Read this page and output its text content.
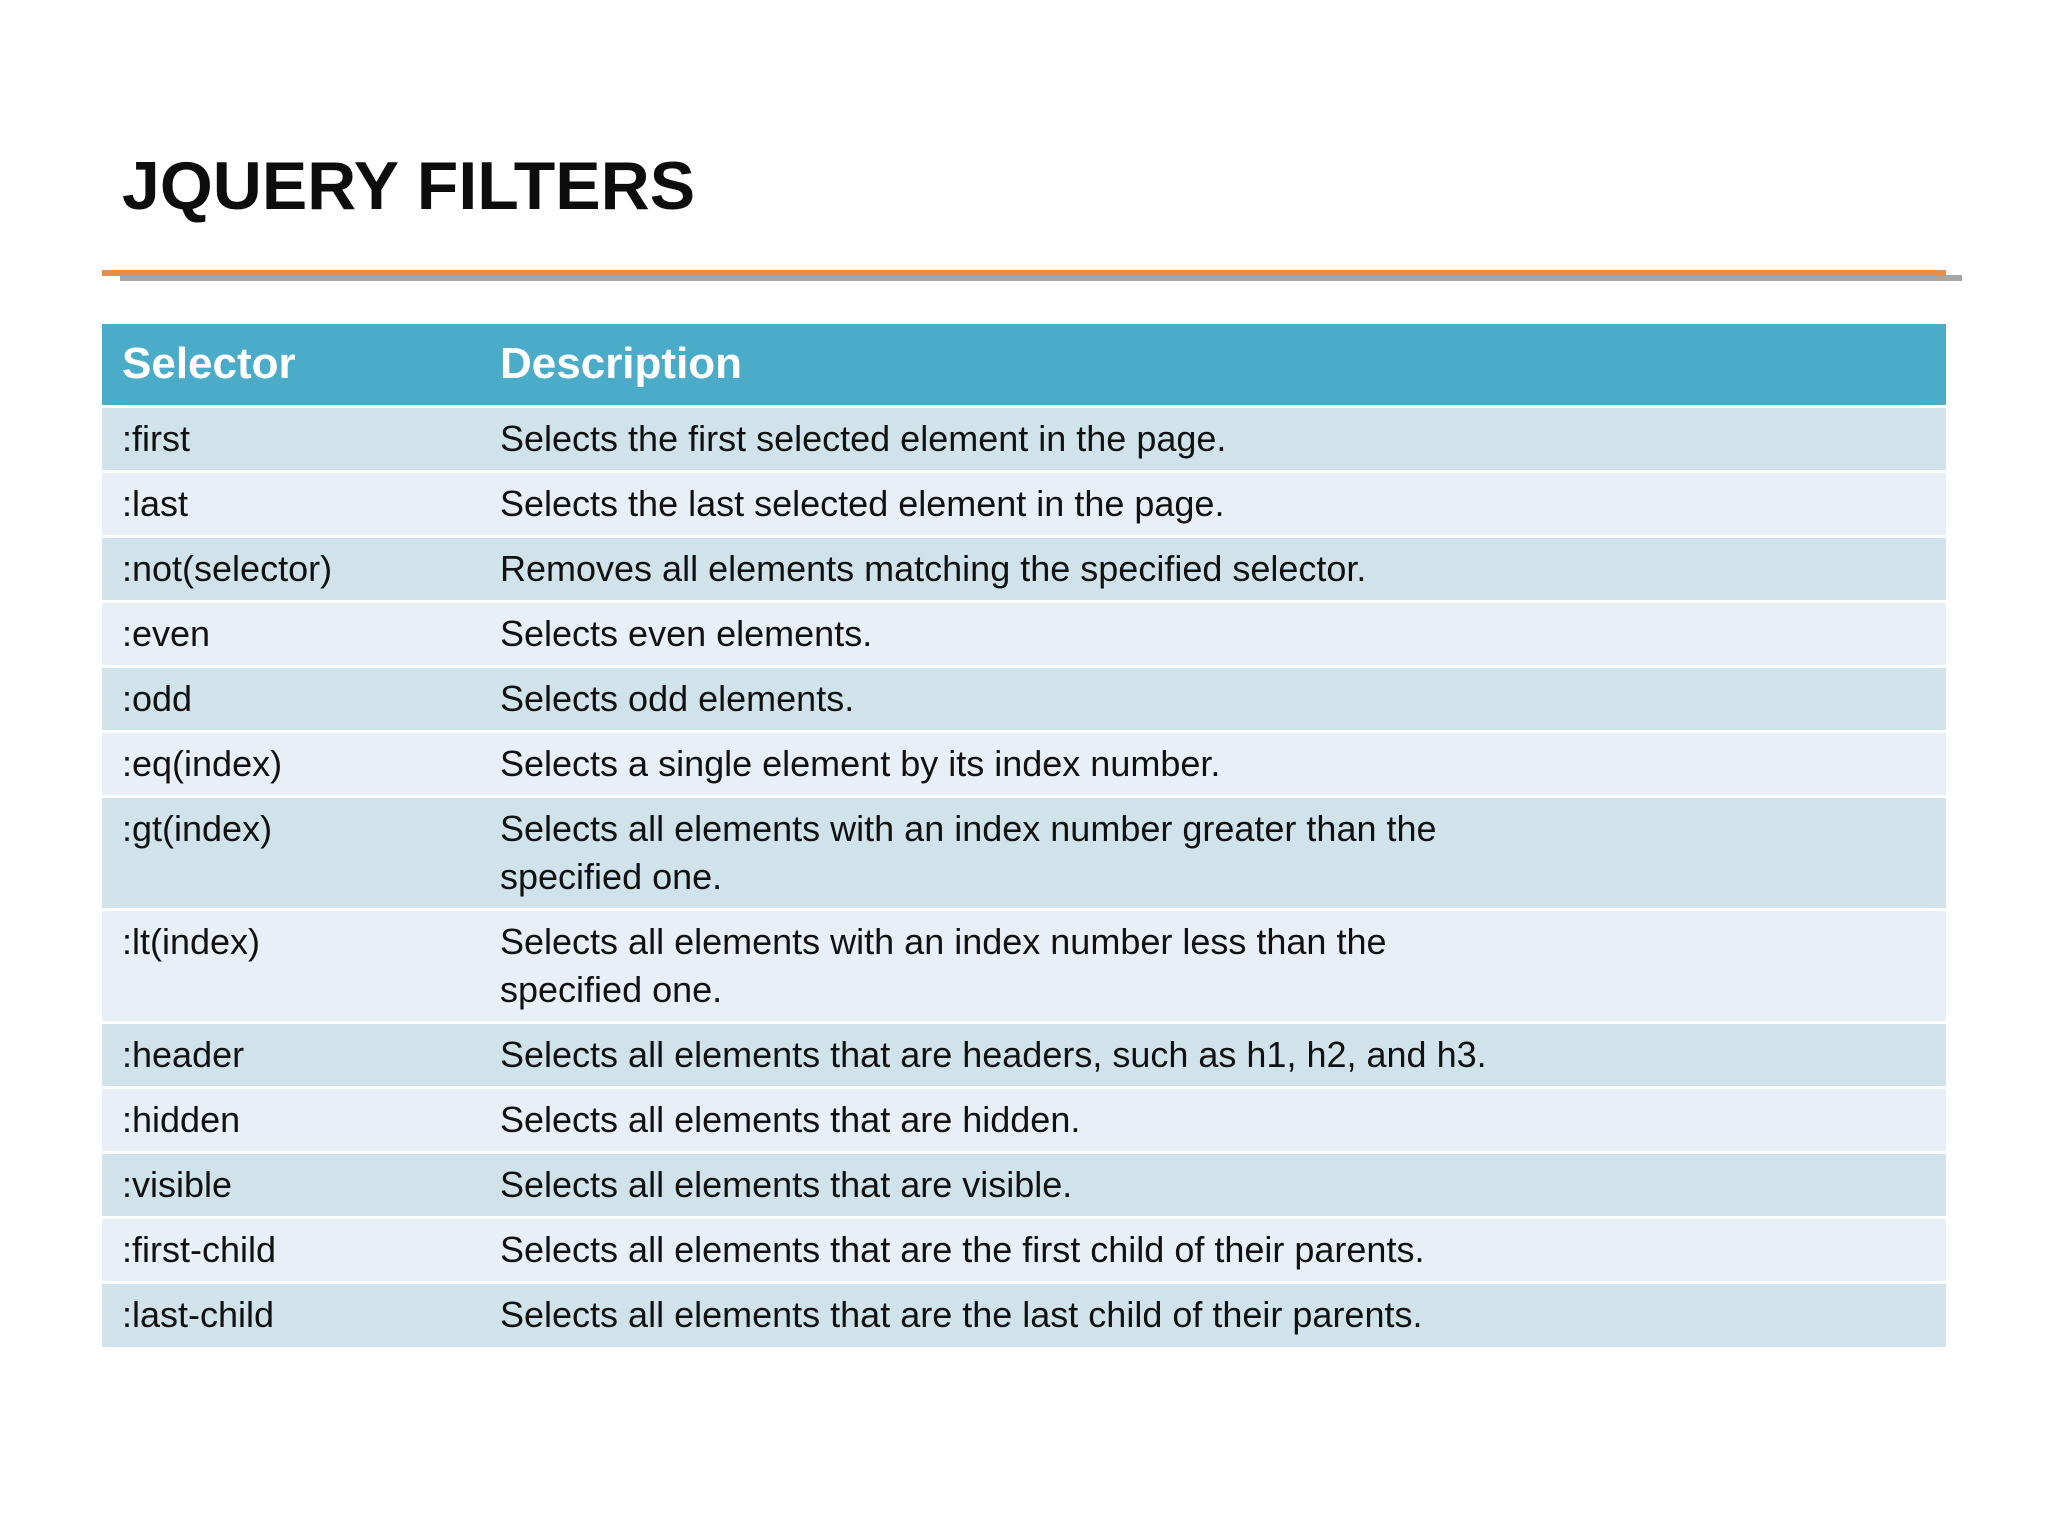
JQUERY FILTERS
Selector	Description
:first	Selects the first selected element in the page.
:last	Selects the last selected element in the page.
:not(selector)	Removes all elements matching the specified selector.
:even	Selects even elements.
:odd	Selects odd elements.
:eq(index)	Selects a single element by its index number.
:gt(index)	Selects all elements with an index number greater than the specified one.
:lt(index)	Selects all elements with an index number less than the specified one.
:header	Selects all elements that are headers, such as h1, h2, and h3.
:hidden	Selects all elements that are hidden.
:visible	Selects all elements that are visible.
:first-child	Selects all elements that are the first child of their parents.
:last-child	Selects all elements that are the last child of their parents.
